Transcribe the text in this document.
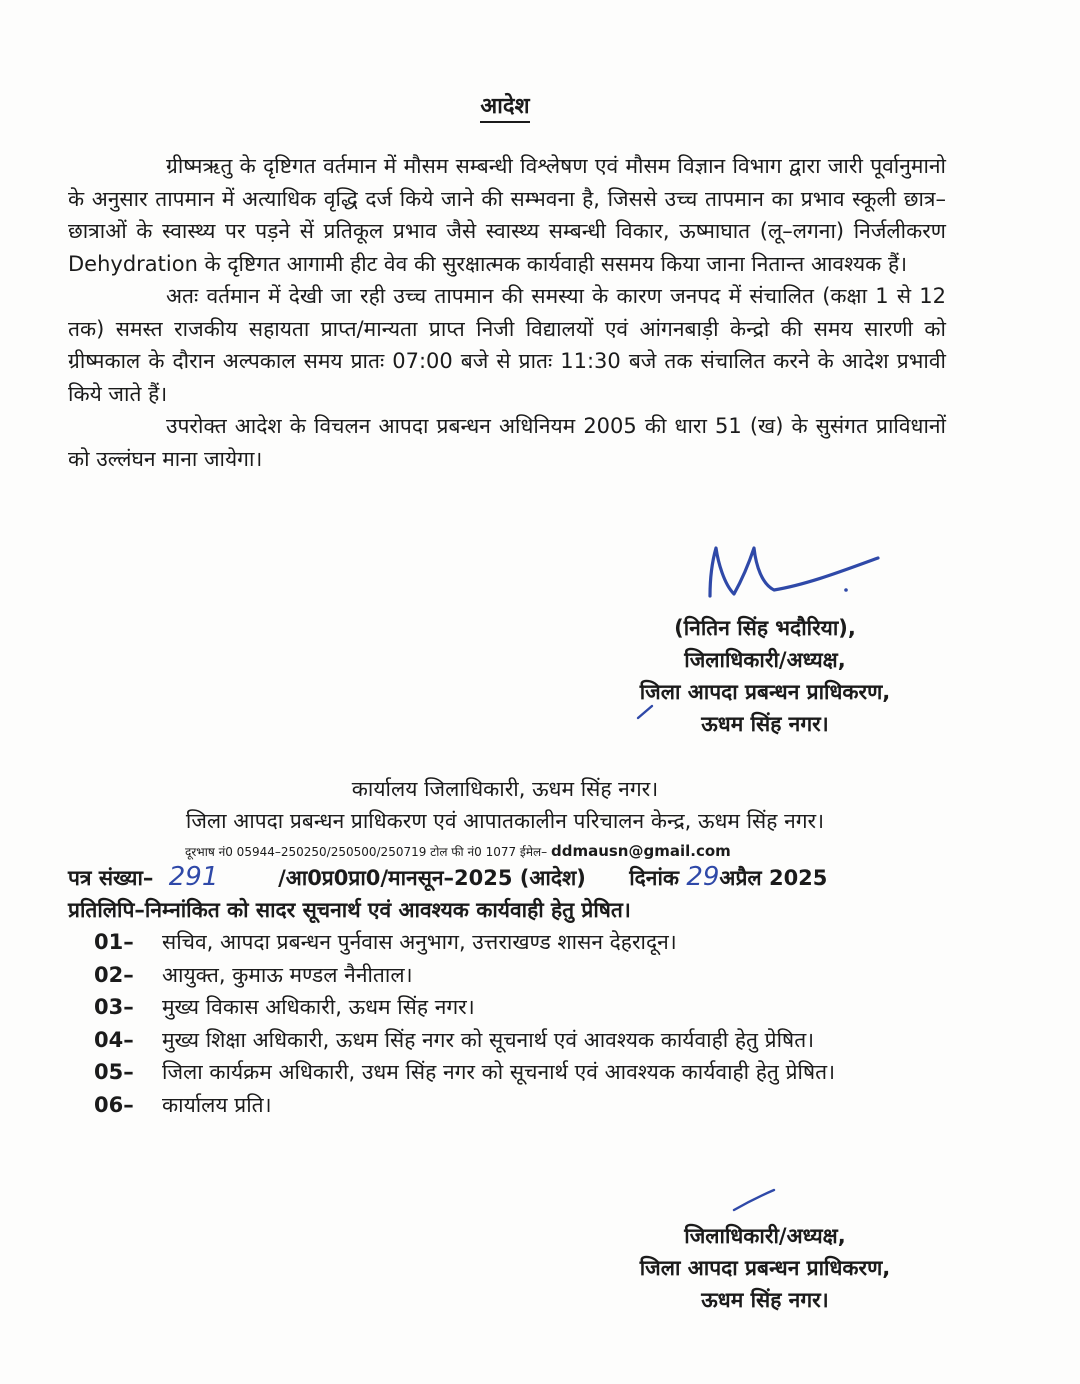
आदेश

ग्रीष्मऋतु के दृष्टिगत वर्तमान में मौसम सम्बन्धी विश्लेषण एवं मौसम विज्ञान विभाग द्वारा जारी पूर्वानुमानो के अनुसार तापमान में अत्याधिक वृद्धि दर्ज किये जाने की सम्भवना है, जिससे उच्च तापमान का प्रभाव स्कूली छात्र–छात्राओं के स्वास्थ्य पर पड़ने सें प्रतिकूल प्रभाव जैसे स्वास्थ्य सम्बन्धी विकार, ऊष्माघात (लू–लगना) निर्जलीकरण Dehydration के दृष्टिगत आगामी हीट वेव की सुरक्षात्मक कार्यवाही ससमय किया जाना नितान्त आवश्यक हैं।

अतः वर्तमान में देखी जा रही उच्च तापमान की समस्या के कारण जनपद में संचालित (कक्षा 1 से 12 तक) समस्त राजकीय सहायता प्राप्त/मान्यता प्राप्त निजी विद्यालयों एवं आंगनबाड़ी केन्द्रो की समय सारणी को ग्रीष्मकाल के दौरान अल्पकाल समय प्रातः 07:00 बजे से प्रातः 11:30 बजे तक संचालित करने के आदेश प्रभावी किये जाते हैं।

उपरोक्त आदेश के विचलन आपदा प्रबन्धन अधिनियम 2005 की धारा 51 (ख) के सुसंगत प्राविधानों को उल्लंघन माना जायेगा।

(नितिन सिंह भदौरिया),
जिलाधिकारी/अध्यक्ष,
जिला आपदा प्रबन्धन प्राधिकरण,
ऊधम सिंह नगर।
कार्यालय जिलाधिकारी, ऊधम सिंह नगर।
जिला आपदा प्रबन्धन प्राधिकरण एवं आपातकालीन परिचालन केन्द्र, ऊधम सिंह नगर।
दूरभाष नं0 05944–250250/250500/250719 टोल फी नं0 1077 ईमेल– ddmausn@gmail.com
पत्र संख्या– 291	/आ0प्र0प्रा0/मानसून–2025 (आदेश) दिनांक 29अप्रैल 2025
प्रतिलिपि–निम्नांकित को सादर सूचनार्थ एवं आवश्यक कार्यवाही हेतु प्रेषित।
01–	सचिव, आपदा प्रबन्धन पुर्नवास अनुभाग, उत्तराखण्ड शासन देहरादून।
02–	आयुक्त, कुमाऊ मण्डल नैनीताल।
03–	मुख्य विकास अधिकारी, ऊधम सिंह नगर।
04–	मुख्य शिक्षा अधिकारी, ऊधम सिंह नगर को सूचनार्थ एवं आवश्यक कार्यवाही हेतु प्रेषित।
05–	जिला कार्यक्रम अधिकारी, उधम सिंह नगर को सूचनार्थ एवं आवश्यक कार्यवाही हेतु प्रेषित।
06–	कार्यालय प्रति।
जिलाधिकारी/अध्यक्ष,
जिला आपदा प्रबन्धन प्राधिकरण,
ऊधम सिंह नगर।
